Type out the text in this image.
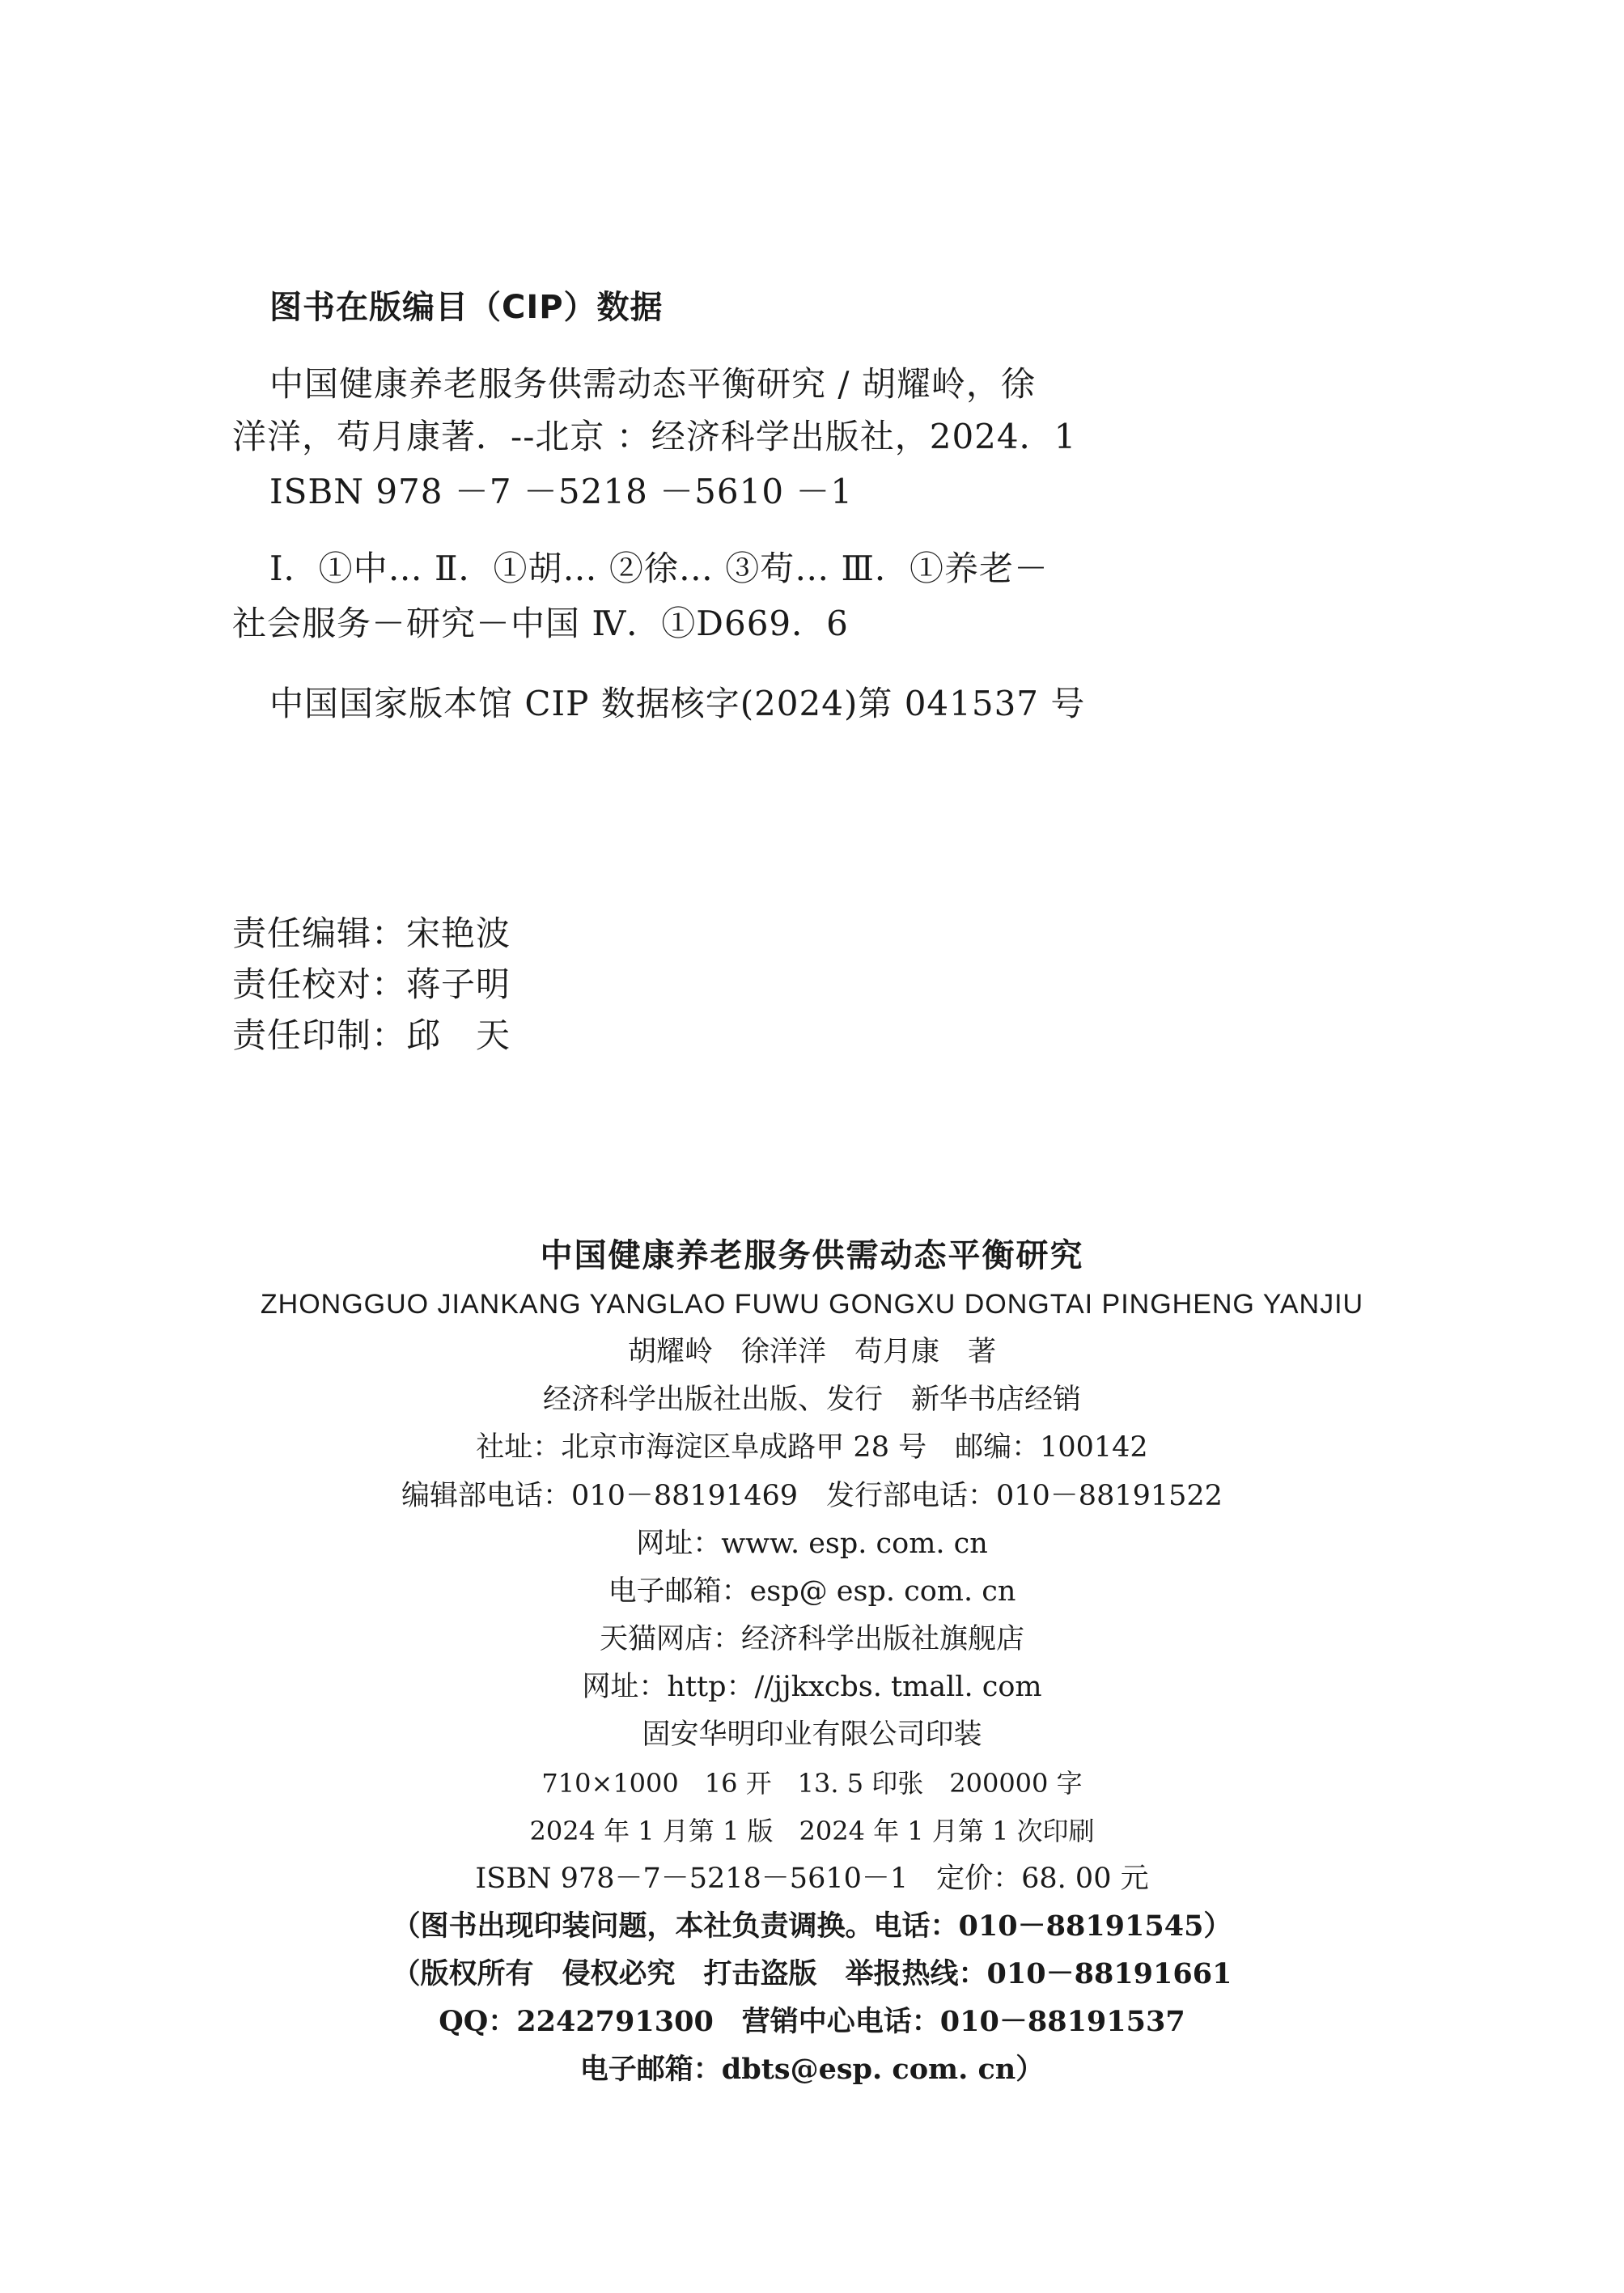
图书在版编目（CIP）数据
中国健康养老服务供需动态平衡研究 / 胡耀岭，徐
洋洋，苟月康著．--北京 ：经济科学出版社，2024．1
ISBN 978 －7 －5218 －5610 －1
Ⅰ．①中… Ⅱ．①胡… ②徐… ③苟… Ⅲ．①养老－
社会服务－研究－中国 Ⅳ．①D669．6
中国国家版本馆 CIP 数据核字(2024)第 041537 号
责任编辑：宋艳波
责任校对：蒋子明
责任印制：邱　天
中国健康养老服务供需动态平衡研究
ZHONGGUO JIANKANG YANGLAO FUWU GONGXU DONGTAI PINGHENG YANJIU
胡耀岭　徐洋洋　苟月康　著
经济科学出版社出版、发行　新华书店经销
社址：北京市海淀区阜成路甲 28 号　邮编：100142
编辑部电话：010－88191469　发行部电话：010－88191522
网址：www. esp. com. cn
电子邮箱：esp@ esp. com. cn
天猫网店：经济科学出版社旗舰店
网址：http：//jjkxcbs. tmall. com
固安华明印业有限公司印装
710×1000　16 开　13. 5 印张　200000 字
2024 年 1 月第 1 版　2024 年 1 月第 1 次印刷
ISBN 978－7－5218－5610－1　定价：68. 00 元
（图书出现印装问题，本社负责调换。电话：010－88191545）
（版权所有　侵权必究　打击盗版　举报热线：010－88191661
QQ：2242791300　营销中心电话：010－88191537
电子邮箱：dbts@esp. com. cn）
